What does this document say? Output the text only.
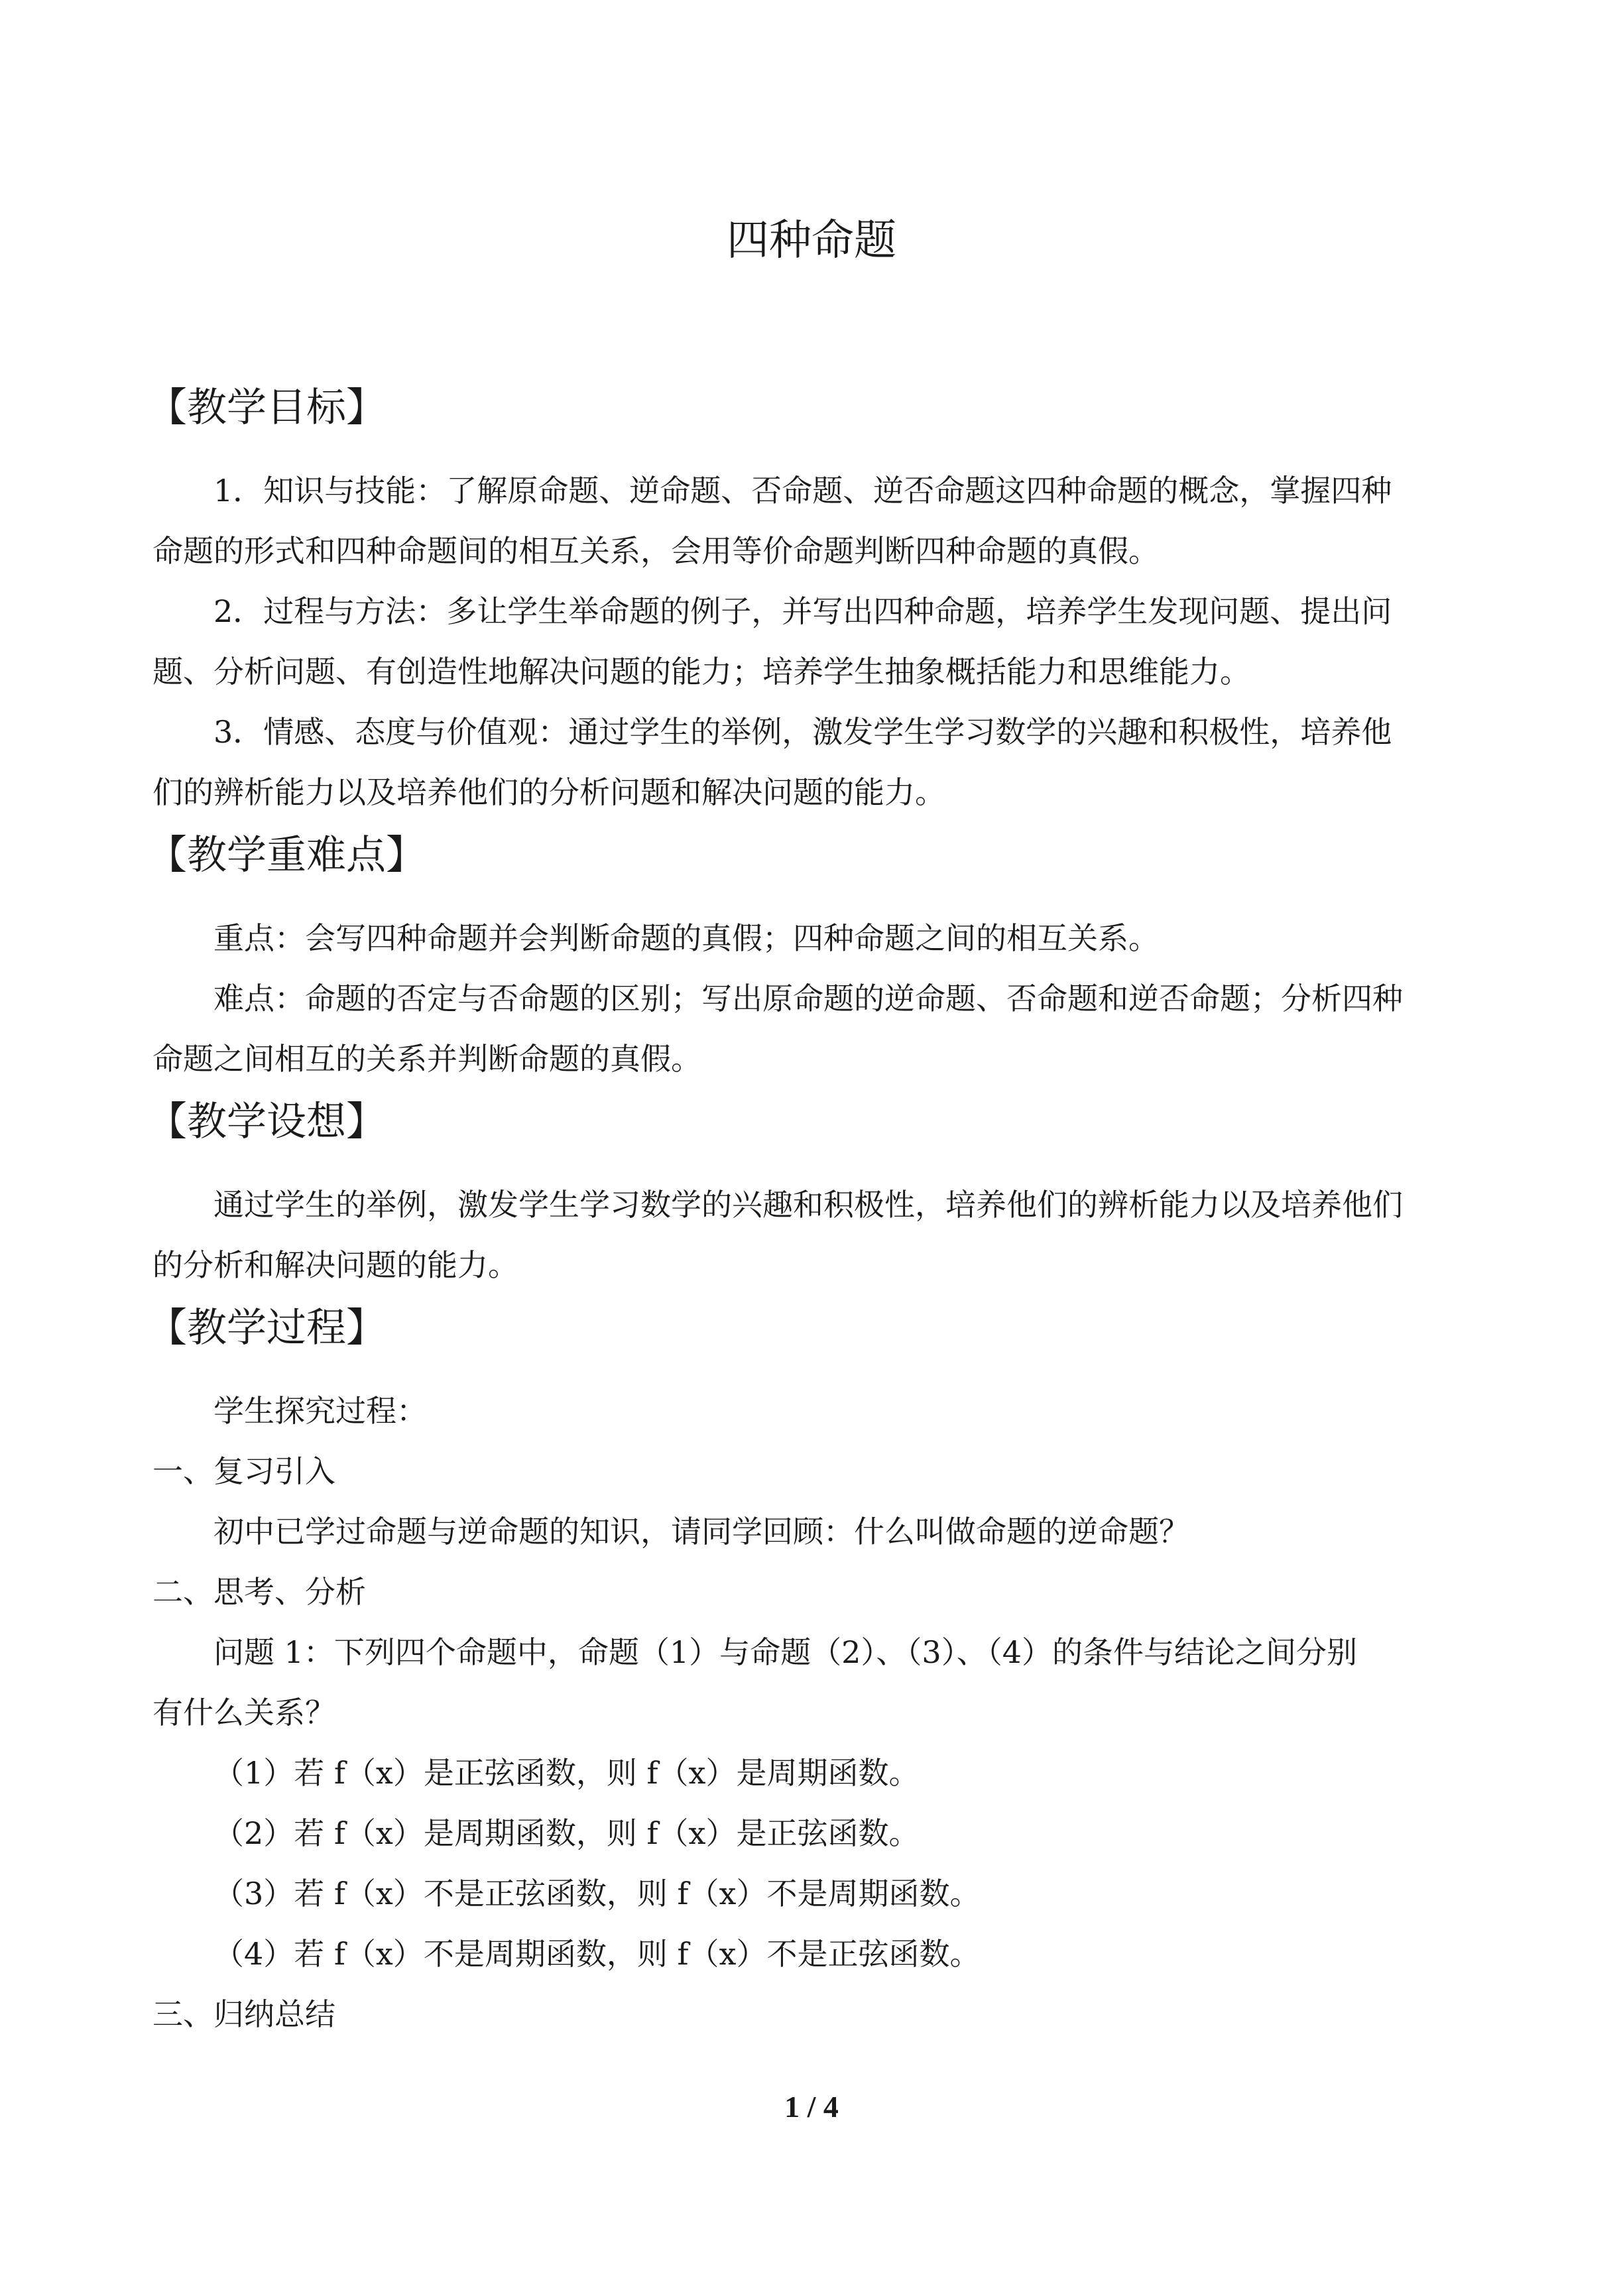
四种命题
【教学目标】
1．知识与技能：了解原命题、逆命题、否命题、逆否命题这四种命题的概念，掌握四种
命题的形式和四种命题间的相互关系，会用等价命题判断四种命题的真假。
2．过程与方法：多让学生举命题的例子，并写出四种命题，培养学生发现问题、提出问
题、分析问题、有创造性地解决问题的能力；培养学生抽象概括能力和思维能力。
3．情感、态度与价值观：通过学生的举例，激发学生学习数学的兴趣和积极性，培养他
们的辨析能力以及培养他们的分析问题和解决问题的能力。
【教学重难点】
重点：会写四种命题并会判断命题的真假；四种命题之间的相互关系。
难点：命题的否定与否命题的区别；写出原命题的逆命题、否命题和逆否命题；分析四种
命题之间相互的关系并判断命题的真假。
【教学设想】
通过学生的举例，激发学生学习数学的兴趣和积极性，培养他们的辨析能力以及培养他们
的分析和解决问题的能力。
【教学过程】
学生探究过程：
一、复习引入
初中已学过命题与逆命题的知识，请同学回顾：什么叫做命题的逆命题？
二、思考、分析
问题 1：下列四个命题中，命题（1）与命题（2）、（3）、（4）的条件与结论之间分别
有什么关系？
（1）若 f（x）是正弦函数，则 f（x）是周期函数。
（2）若 f（x）是周期函数，则 f（x）是正弦函数。
（3）若 f（x）不是正弦函数，则 f（x）不是周期函数。
（4）若 f（x）不是周期函数，则 f（x）不是正弦函数。
三、归纳总结
1 / 4
